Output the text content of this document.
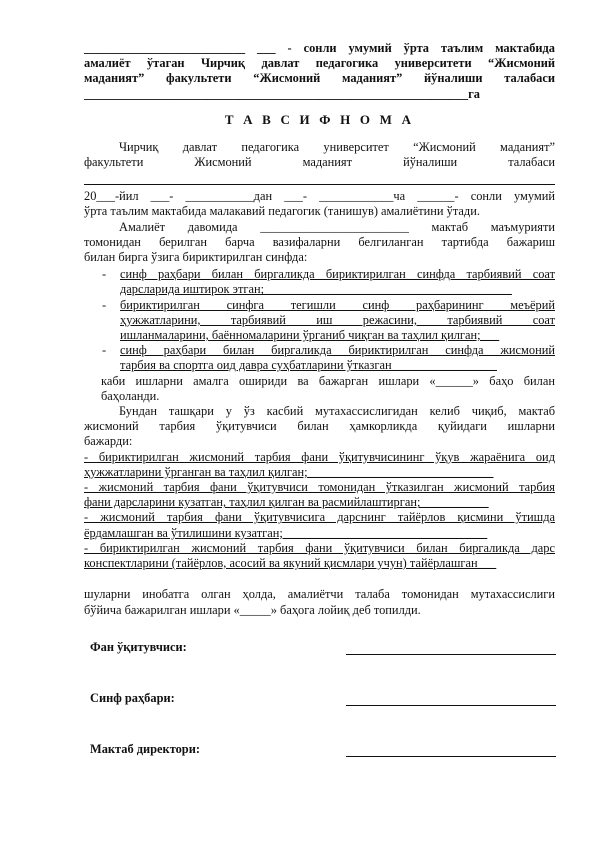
__________________________ ___ - сонли умумий ўрта таълим мактабида

амалиёт ўтаган Чирчиқ давлат педагогика университети “Жисмоний

маданият” факультети “Жисмоний маданият” йўналиши талабаси

______________________________________________________________га

Т А В С И Ф Н О М А

Чирчиқ давлат педагогика университет “Жисмоний маданият”

факультети Жисмоний маданият йўналиши талабаси

20___-йил ___- ___________дан ___- ____________ча ______- сонли умумий

ўрта таълим мактабида малакавий педагогик (танишув) амалиётини ўтади.

Амалиёт давомида ________________________ мактаб маъмурияти

томонидан берилган барча вазифаларни белгиланган тартибда бажариш

билан бирга ўзига бириктирилган синфда:

- синф раҳбари билан биргаликда бириктирилган синфда тарбиявий соат
дарсларида иштирок этган;________________________________________
- бириктирилган синфга тегишли синф раҳбарининг меъёрий
ҳужжатларини, тарбиявий иш режасини, тарбиявий соат
ишланмаларини, баённомаларини ўрганиб чиқган ва таҳлил қилган;___
- синф раҳбари билан биргаликда бириктирилган синфда жисмоний
тарбия ва спортга оид давра суҳбатларини ўтказган_________________
каби ишларни амалга ошириди ва бажарган ишлари «______» баҳо билан
баҳоланди.

Бундан ташқари у ўз касбий мутахассислигидан келиб чиқиб, мактаб

жисмоний тарбия ўқитувчиси билан ҳамкорликда қуйидаги ишларни

бажарди:

- бириктирилган жисмоний тарбия фани ўқитувчисининг ўқув жараёнига оид

ҳужжатларини ўрганган ва таҳлил қилган;______________________________

- жисмоний тарбия фани ўқитувчиси томонидан ўтказилган жисмоний тарбия

фани дарсларини кузатган, таҳлил қилган ва расмийлаштирган;___________

- жисмоний тарбия фани ўқитувчисига дарснинг тайёрлов қисмини ўтишда

ёрдамлашган ва ўтилишини кузатган;_________________________________

- бириктирилган жисмоний тарбия фани ўқитувчиси билан биргаликда дарс

конспектларини (тайёрлов, асосий ва якуний қисмлари учун) тайёрлашган___

шуларни инобатга олган ҳолда, амалиётчи талаба томонидан мутахассислиги

бўйича бажарилган ишлари «_____» баҳога лойиқ деб топилди.

Фан ўқитувчиси:
Синф раҳбари:
Мактаб директори:
